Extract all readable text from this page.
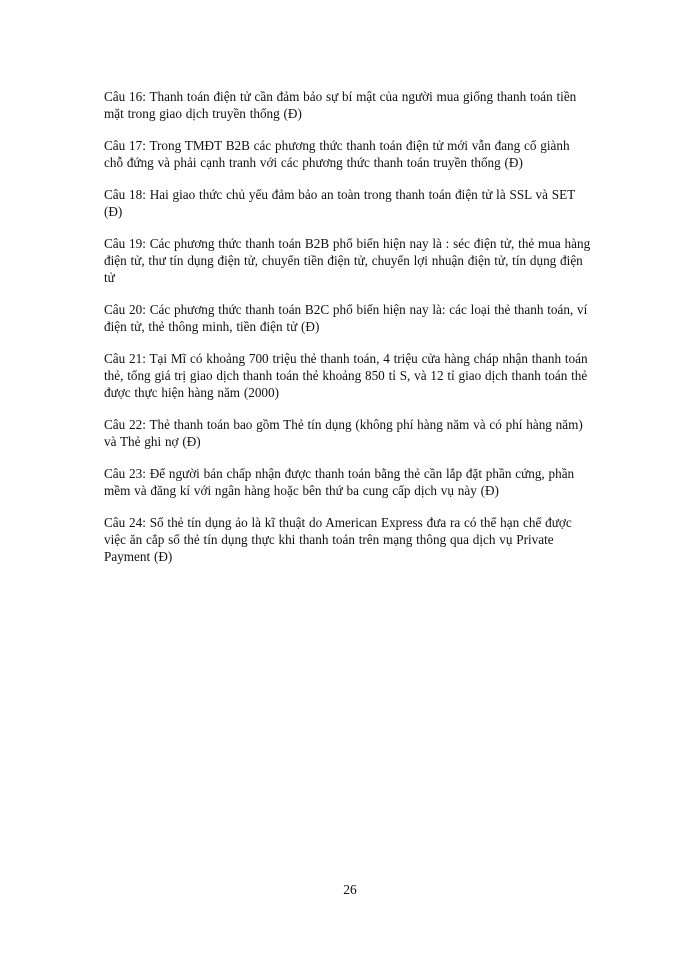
Câu 16: Thanh toán điện tử cần đảm bảo sự bí mật của người mua giống thanh toán tiền mặt trong giao dịch truyền thống (Đ)

Câu 17: Trong TMĐT B2B các phương thức thanh toán điện tử mới vẫn đang cố giành chỗ đứng và phải cạnh tranh với các phương thức thanh toán truyền thống (Đ)

Câu 18: Hai giao thức chủ yếu đảm bảo an toàn trong thanh toán điện tử là SSL và SET (Đ)

Câu 19: Các phương thức thanh toán B2B phổ biến hiện nay là : séc điện tử, thẻ mua hàng điện tử, thư tín dụng điện tử, chuyển tiền điện tử, chuyển lợi nhuận điện tử, tín dụng điện tử

Câu 20: Các phương thức thanh toán B2C phổ biến hiện nay là: các loại thẻ thanh toán, ví điện tử, thẻ thông minh, tiền điện tử (Đ)

Câu 21: Tại Mĩ có khoảng 700 triệu thẻ thanh toán, 4 triệu cửa hàng cháp nhận thanh toán thẻ, tổng giá trị giao dịch thanh toán thẻ khoảng 850 tỉ S, và 12 tỉ giao dịch thanh toán thẻ được thực hiện hàng năm (2000)

Câu 22: Thẻ thanh toán bao gồm Thẻ tín dụng (không phí hàng năm và có phí hàng năm) và Thẻ ghi nợ (Đ)

Câu 23: Để người bán chấp nhận được thanh toán bằng thẻ cần lắp đặt phần cứng, phần mềm và đăng kí với ngân hàng hoặc bên thứ ba cung cấp dịch vụ này (Đ)

Câu 24: Số thẻ tín dụng ảo là kĩ thuật do American Express đưa ra có thể hạn chế được việc ăn cắp số thẻ tín dụng thực khi thanh toán trên mạng thông qua dịch vụ Private Payment (Đ)

26
